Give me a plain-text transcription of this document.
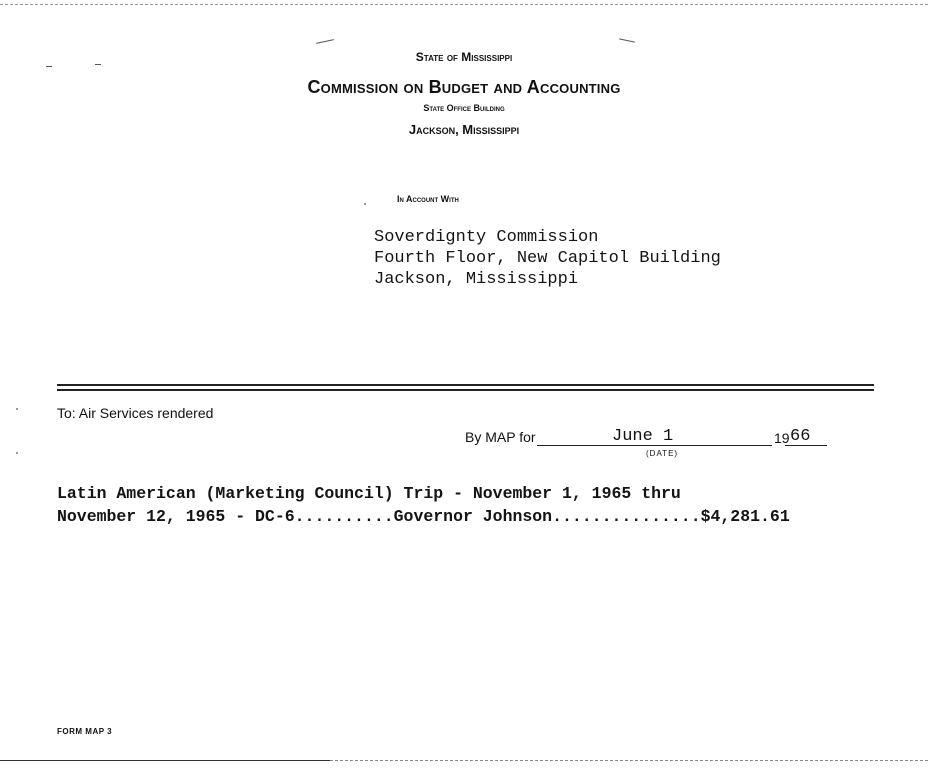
State of Mississippi
Commission on Budget and Accounting
State Office Building
Jackson, Mississippi
In Account With
Soverdignty Commission
Fourth Floor, New Capitol Building
Jackson, Mississippi
To: Air Services rendered
By MAP for	June 1
(DATE)
19 66
Latin American (Marketing Council) Trip - November 1, 1965 thru
November 12, 1965 - DC-6..........Governor Johnson...............$4,281.61
FORM MAP 3
